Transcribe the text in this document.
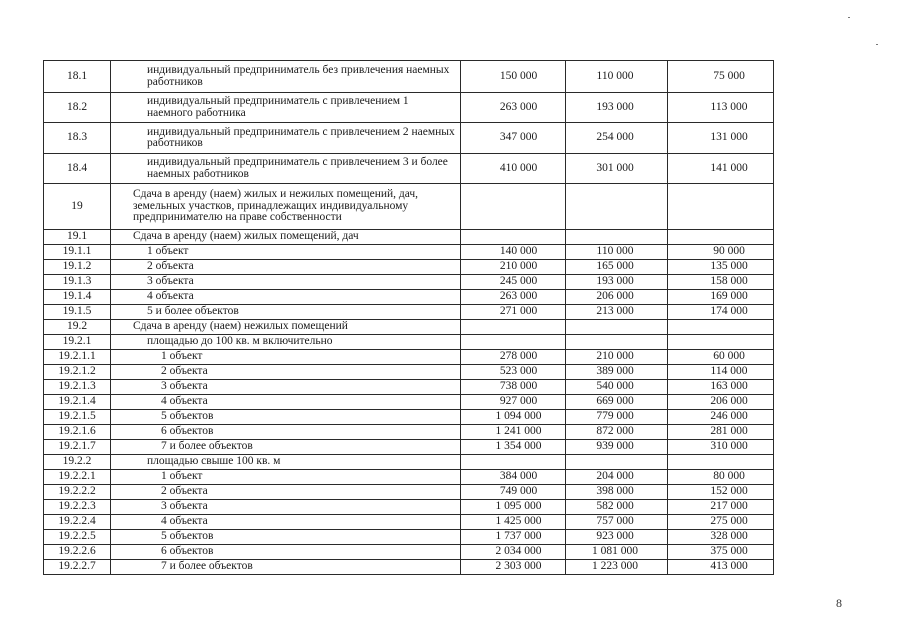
18.1	индивидуальный предприниматель без привлечения наемных работников	150 000	110 000	75 000
18.2	индивидуальный предприниматель с привлечением 1 наемного работника	263 000	193 000	113 000
18.3	индивидуальный предприниматель с привлечением 2 наемных работников	347 000	254 000	131 000
18.4	индивидуальный предприниматель с привлечением 3 и более наемных работников	410 000	301 000	141 000
19	Сдача в аренду (наем) жилых и нежилых помещений, дач, земельных участков, принадлежащих индивидуальному предпринимателю на праве собственности			
19.1	Сдача в аренду (наем) жилых помещений, дач			
19.1.1	1 объект	140 000	110 000	90 000
19.1.2	2 объекта	210 000	165 000	135 000
19.1.3	3 объекта	245 000	193 000	158 000
19.1.4	4 объекта	263 000	206 000	169 000
19.1.5	5 и более объектов	271 000	213 000	174 000
19.2	Сдача в аренду (наем) нежилых помещений			
19.2.1	площадью до 100 кв. м включительно			
19.2.1.1	1 объект	278 000	210 000	60 000
19.2.1.2	2 объекта	523 000	389 000	114 000
19.2.1.3	3 объекта	738 000	540 000	163 000
19.2.1.4	4 объекта	927 000	669 000	206 000
19.2.1.5	5 объектов	1 094 000	779 000	246 000
19.2.1.6	6 объектов	1 241 000	872 000	281 000
19.2.1.7	7 и более объектов	1 354 000	939 000	310 000
19.2.2	площадью свыше 100 кв. м			
19.2.2.1	1 объект	384 000	204 000	80 000
19.2.2.2	2 объекта	749 000	398 000	152 000
19.2.2.3	3 объекта	1 095 000	582 000	217 000
19.2.2.4	4 объекта	1 425 000	757 000	275 000
19.2.2.5	5 объектов	1 737 000	923 000	328 000
19.2.2.6	6 объектов	2 034 000	1 081 000	375 000
19.2.2.7	7 и более объектов	2 303 000	1 223 000	413 000
8
